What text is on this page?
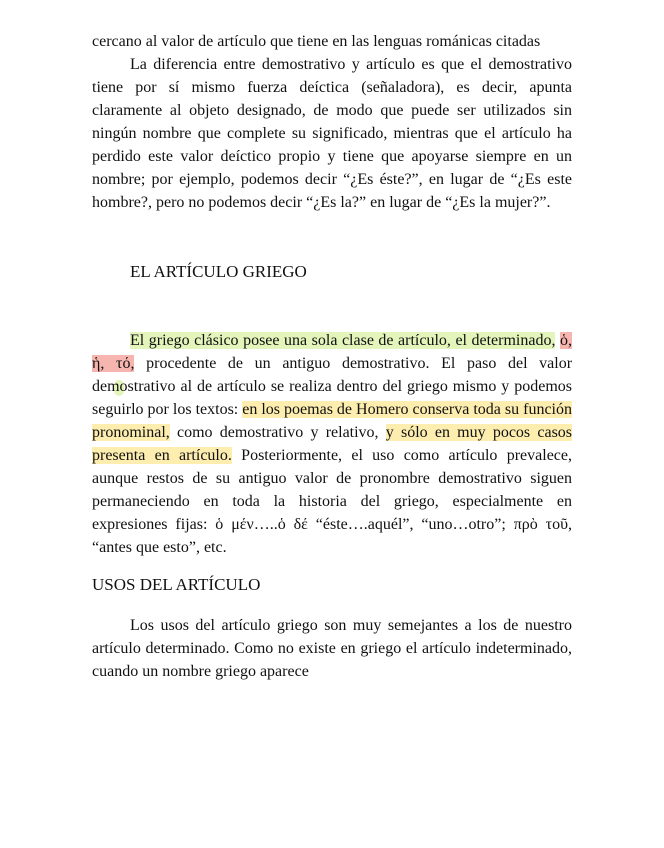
cercano al valor de artículo que tiene en las lenguas románicas citadas

La diferencia entre demostrativo y artículo es que el demostrativo tiene por sí mismo fuerza deíctica (señaladora), es decir, apunta claramente al objeto designado, de modo que puede ser utilizados sin ningún nombre que complete su significado, mientras que el artículo ha perdido este valor deíctico propio y tiene que apoyarse siempre en un nombre; por ejemplo, podemos decir “¿Es éste?”, en lugar de “¿Es este hombre?, pero no podemos decir “¿Es la?” en lugar de “¿Es la mujer?”.

EL ARTÍCULO GRIEGO

El griego clásico posee una sola clase de artículo, el determinado, ὁ, ἡ, τό, procedente de un antiguo demostrativo. El paso del valor demostrativo al de artículo se realiza dentro del griego mismo y podemos seguirlo por los textos: en los poemas de Homero conserva toda su función pronominal, como demostrativo y relativo, y sólo en muy pocos casos presenta en artículo. Posteriormente, el uso como artículo prevalece, aunque restos de su antiguo valor de pronombre demostrativo siguen permaneciendo en toda la historia del griego, especialmente en expresiones fijas: ὁ μέν…..ὁ δέ “éste….aquél”, “uno…otro”; πρὸ τοῦ, “antes que esto”, etc.

USOS DEL ARTÍCULO

Los usos del artículo griego son muy semejantes a los de nuestro artículo determinado. Como no existe en griego el artículo indeterminado, cuando un nombre griego aparece
